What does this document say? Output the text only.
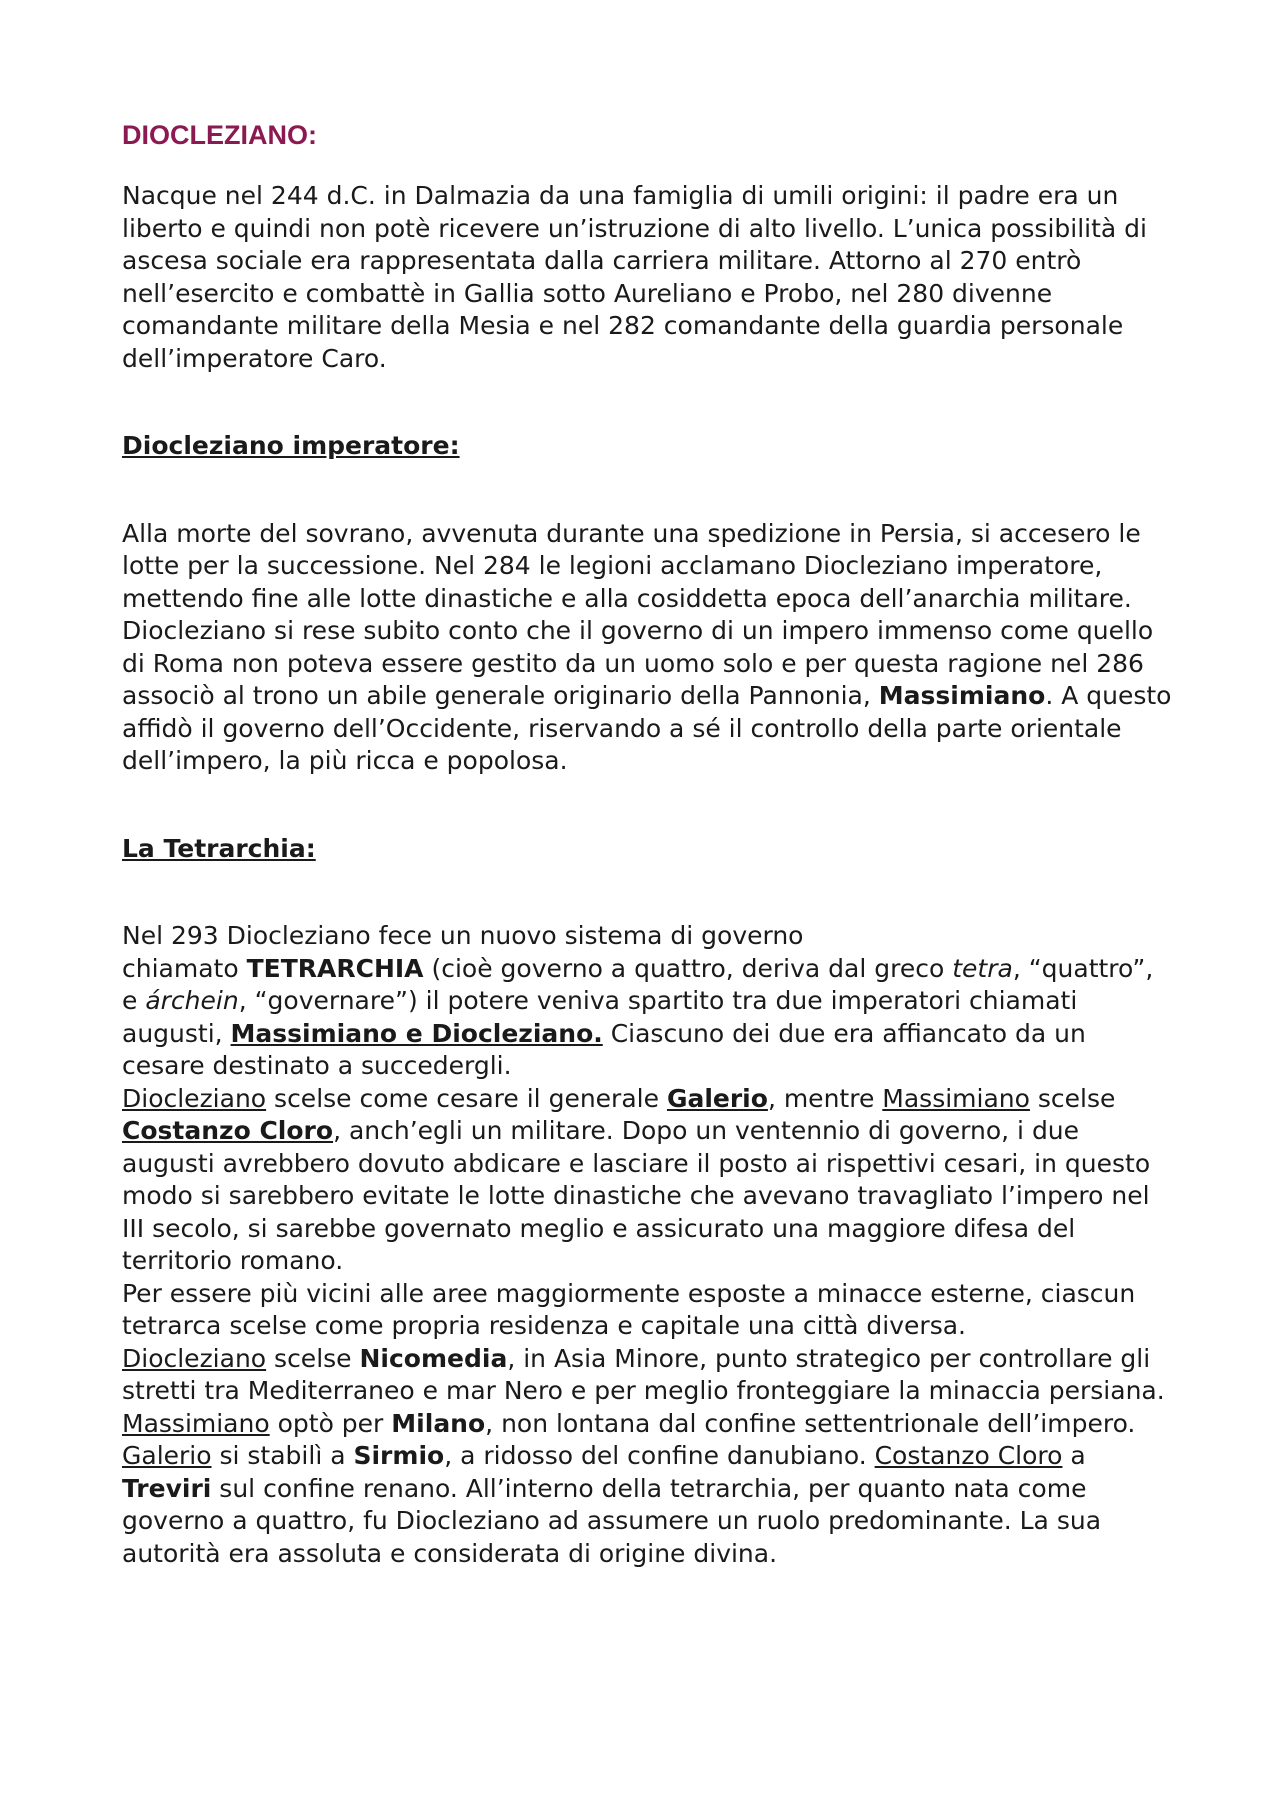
DIOCLEZIANO:

Nacque nel 244 d.C. in Dalmazia da una famiglia di umili origini: il padre era un liberto e quindi non potè ricevere un’istruzione di alto livello. L’unica possibilità di ascesa sociale era rappresentata dalla carriera militare. Attorno al 270 entrò nell’esercito e combattè in Gallia sotto Aureliano e Probo, nel 280 divenne comandante militare della Mesia e nel 282 comandante della guardia personale dell’imperatore Caro.

Diocleziano imperatore:

Alla morte del sovrano, avvenuta durante una spedizione in Persia, si accesero le lotte per la successione. Nel 284 le legioni acclamano Diocleziano imperatore, mettendo fine alle lotte dinastiche e alla cosiddetta epoca dell’anarchia militare. Diocleziano si rese subito conto che il governo di un impero immenso come quello di Roma non poteva essere gestito da un uomo solo e per questa ragione nel 286 associò al trono un abile generale originario della Pannonia, Massimiano. A questo affidò il governo dell’Occidente, riservando a sé il controllo della parte orientale dell’impero, la più ricca e popolosa.

La Tetrarchia:

Nel 293 Diocleziano fece un nuovo sistema di governo

chiamato TETRARCHIA (cioè governo a quattro, deriva dal greco tetra, “quattro”, e árchein, “governare”) il potere veniva spartito tra due imperatori chiamati augusti, Massimiano e Diocleziano. Ciascuno dei due era affiancato da un cesare destinato a succedergli.

Diocleziano scelse come cesare il generale Galerio, mentre Massimiano scelse Costanzo Cloro, anch’egli un militare. Dopo un ventennio di governo, i due augusti avrebbero dovuto abdicare e lasciare il posto ai rispettivi cesari, in questo modo si sarebbero evitate le lotte dinastiche che avevano travagliato l’impero nel III secolo, si sarebbe governato meglio e assicurato una maggiore difesa del territorio romano.

Per essere più vicini alle aree maggiormente esposte a minacce esterne, ciascun tetrarca scelse come propria residenza e capitale una città diversa.

Diocleziano scelse Nicomedia, in Asia Minore, punto strategico per controllare gli stretti tra Mediterraneo e mar Nero e per meglio fronteggiare la minaccia persiana. Massimiano optò per Milano, non lontana dal confine settentrionale dell’impero. Galerio si stabilì a Sirmio, a ridosso del confine danubiano. Costanzo Cloro a Treviri sul confine renano. All’interno della tetrarchia, per quanto nata come governo a quattro, fu Diocleziano ad assumere un ruolo predominante. La sua autorità era assoluta e considerata di origine divina.
